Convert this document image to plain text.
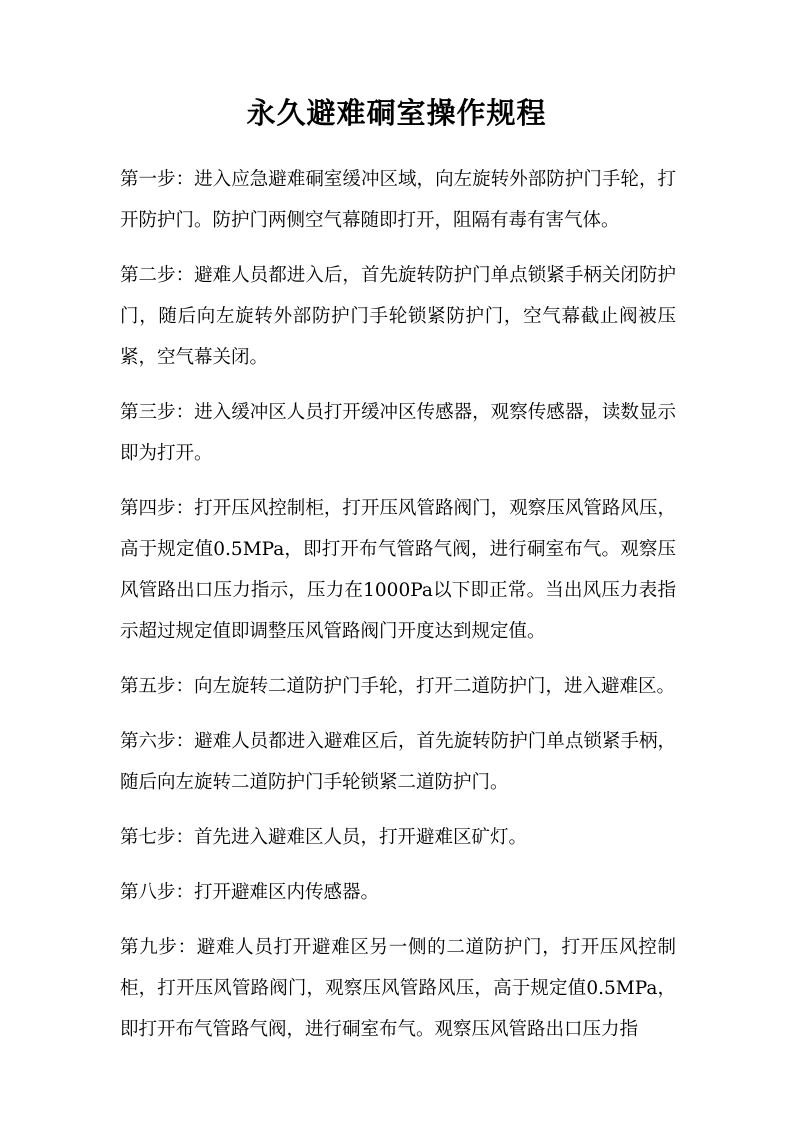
永久避难硐室操作规程

第一步：进入应急避难硐室缓冲区域，向左旋转外部防护门手轮，打开防护门。防护门两侧空气幕随即打开，阻隔有毒有害气体。

第二步：避难人员都进入后，首先旋转防护门单点锁紧手柄关闭防护门，随后向左旋转外部防护门手轮锁紧防护门，空气幕截止阀被压紧，空气幕关闭。

第三步：进入缓冲区人员打开缓冲区传感器，观察传感器，读数显示即为打开。

第四步：打开压风控制柜，打开压风管路阀门，观察压风管路风压，高于规定值0.5MPa，即打开布气管路气阀，进行硐室布气。观察压风管路出口压力指示，压力在1000Pa以下即正常。当出风压力表指示超过规定值即调整压风管路阀门开度达到规定值。

第五步：向左旋转二道防护门手轮，打开二道防护门，进入避难区。

第六步：避难人员都进入避难区后，首先旋转防护门单点锁紧手柄，随后向左旋转二道防护门手轮锁紧二道防护门。

第七步：首先进入避难区人员，打开避难区矿灯。

第八步：打开避难区内传感器。

第九步：避难人员打开避难区另一侧的二道防护门，打开压风控制柜，打开压风管路阀门，观察压风管路风压，高于规定值0.5MPa，即打开布气管路气阀，进行硐室布气。观察压风管路出口压力指
